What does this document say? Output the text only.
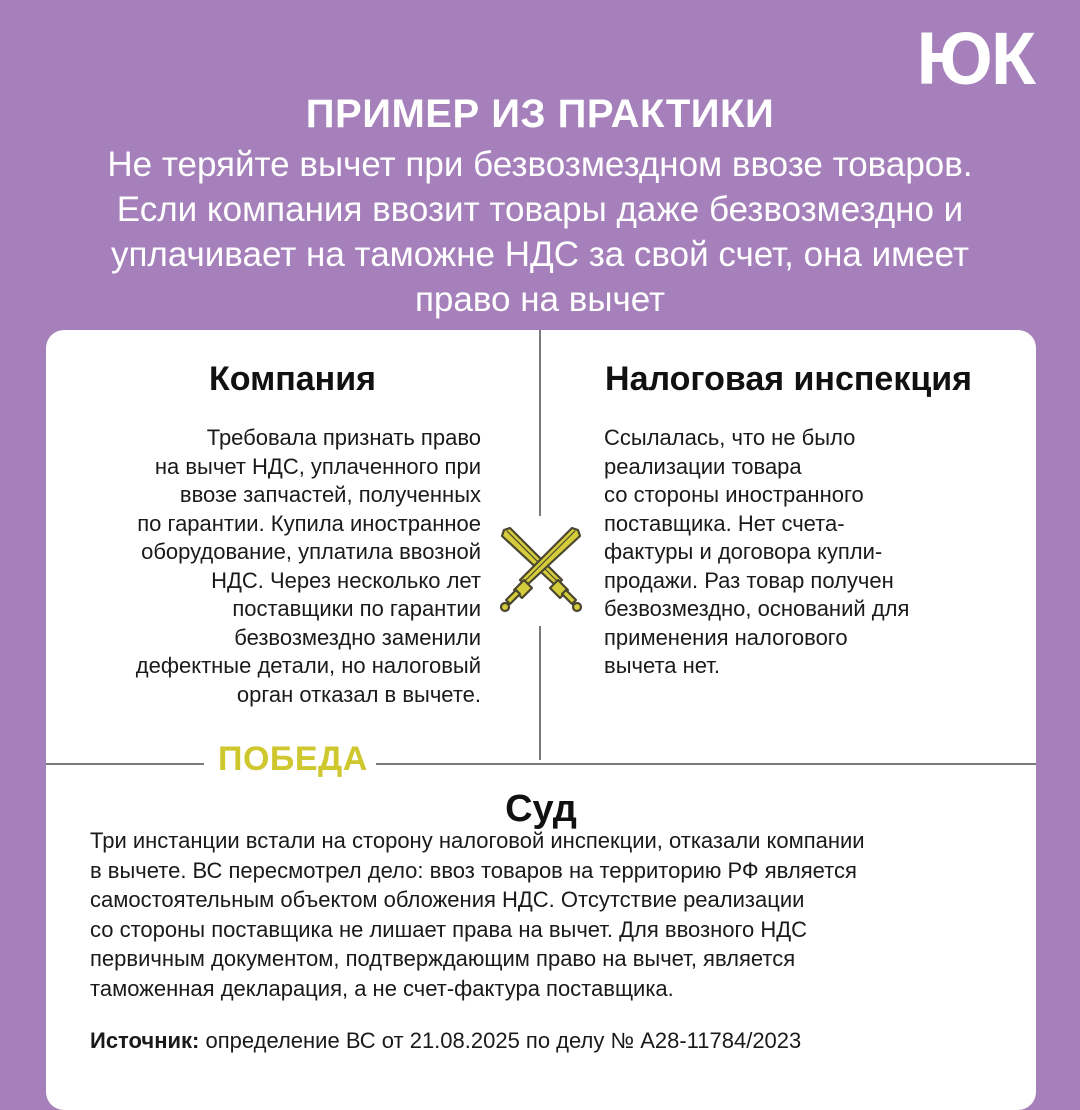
ЮК
ПРИМЕР ИЗ ПРАКТИКИ
Не теряйте вычет при безвозмездном ввозе товаров. Если компания ввозит товары даже безвозмездно и уплачивает на таможне НДС за свой счет, она имеет право на вычет
Компания	Налоговая инспекция
Требовала признать право
на вычет НДС, уплаченного при
ввозе запчастей, полученных
по гарантии. Купила иностранное
оборудование, уплатила ввозной
НДС. Через несколько лет
поставщики по гарантии
безвозмездно заменили
дефектные детали, но налоговый
орган отказал в вычете.
Ссылалась, что не было
реализации товара
со стороны иностранного
поставщика. Нет счета-
фактуры и договора купли-
продажи. Раз товар получен
безвозмездно, оснований для
применения налогового
вычета нет.
ПОБЕДА
Суд
Три инстанции встали на сторону налоговой инспекции, отказали компании
в вычете. ВС пересмотрел дело: ввоз товаров на территорию РФ является
самостоятельным объектом обложения НДС. Отсутствие реализации
со стороны поставщика не лишает права на вычет. Для ввозного НДС
первичным документом, подтверждающим право на вычет, является
таможенная декларация, а не счет-фактура поставщика.
Источник: определение ВС от 21.08.2025 по делу № А28-11784/2023
